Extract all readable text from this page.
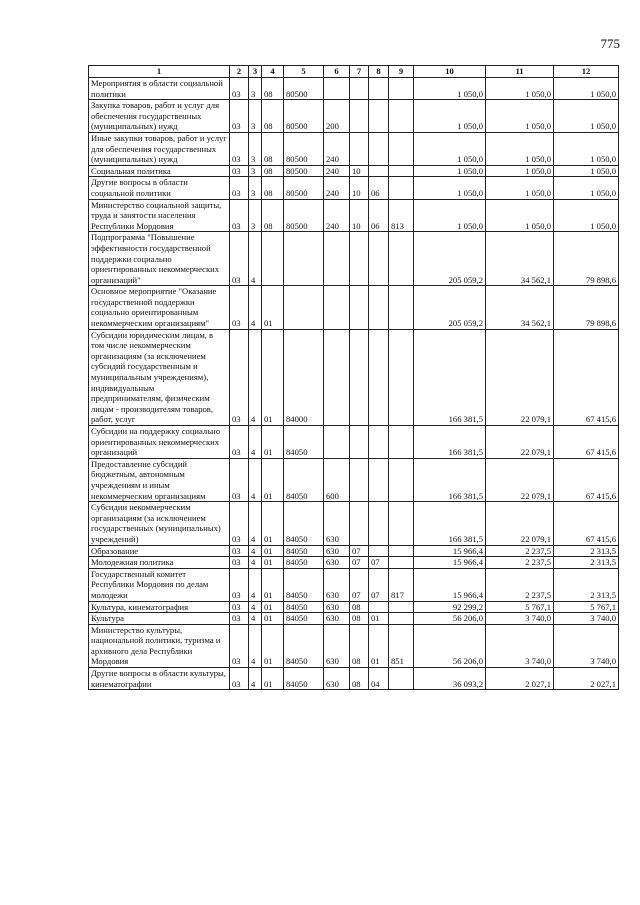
775
1	2	3	4	5	6	7	8	9	10	11	12
Мероприятия в области социальной политики	03	3	08	80500					1 050,0	1 050,0	1 050,0
Закупка товаров, работ и услуг для обеспечения государственных (муниципальных) нужд	03	3	08	80500	200				1 050,0	1 050,0	1 050,0
Иные закупки товаров, работ и услуг для обеспечения государственных (муниципальных) нужд	03	3	08	80500	240				1 050,0	1 050,0	1 050,0
Социальная политика	03	3	08	80500	240	10			1 050,0	1 050,0	1 050,0
Другие вопросы в области социальной политики	03	3	08	80500	240	10	06		1 050,0	1 050,0	1 050,0
Министерство социальной защиты, труда и занятости населения Республики Мордовия	03	3	08	80500	240	10	06	813	1 050,0	1 050,0	1 050,0
Подпрограмма "Повышение эффективности государственной поддержки социально ориентированных некоммерческих организаций"	03	4							205 059,2	34 562,1	79 898,6
Основное мероприятие "Оказание государственной поддержки социально ориентированным некоммерческим организациям"	03	4	01						205 059,2	34 562,1	79 898,6
Субсидии юридическим лицам, в том числе некоммерческим организациям (за исключением субсидий государственным и муниципальным учреждениям), индивидуальным предпринимателям, физическим лицам - производителям товаров, работ, услуг	03	4	01	84000					166 381,5	22 079,1	67 415,6
Субсидии на поддержку социально ориентированных некоммерческих организаций	03	4	01	84050					166 381,5	22 079,1	67 415,6
Предоставление субсидий бюджетным, автономным учреждениям и иным некоммерческим организациям	03	4	01	84050	600				166 381,5	22 079,1	67 415,6
Субсидии некоммерческим организациям (за исключением государственных (муниципальных) учреждений)	03	4	01	84050	630				166 381,5	22 079,1	67 415,6
Образование	03	4	01	84050	630	07			15 966,4	2 237,5	2 313,5
Молодежная политика	03	4	01	84050	630	07	07		15 966,4	2 237,5	2 313,5
Государственный комитет Республики Мордовия по делам молодежи	03	4	01	84050	630	07	07	817	15 966,4	2 237,5	2 313,5
Культура, кинематография	03	4	01	84050	630	08			92 299,2	5 767,1	5 767,1
Культура	03	4	01	84050	630	08	01		56 206,0	3 740,0	3 740,0
Министерство культуры, национальной политики, туризма и архивного дела Республики Мордовия	03	4	01	84050	630	08	01	851	56 206,0	3 740,0	3 740,0
Другие вопросы в области культуры, кинематографии	03	4	01	84050	630	08	04		36 093,2	2 027,1	2 027,1
